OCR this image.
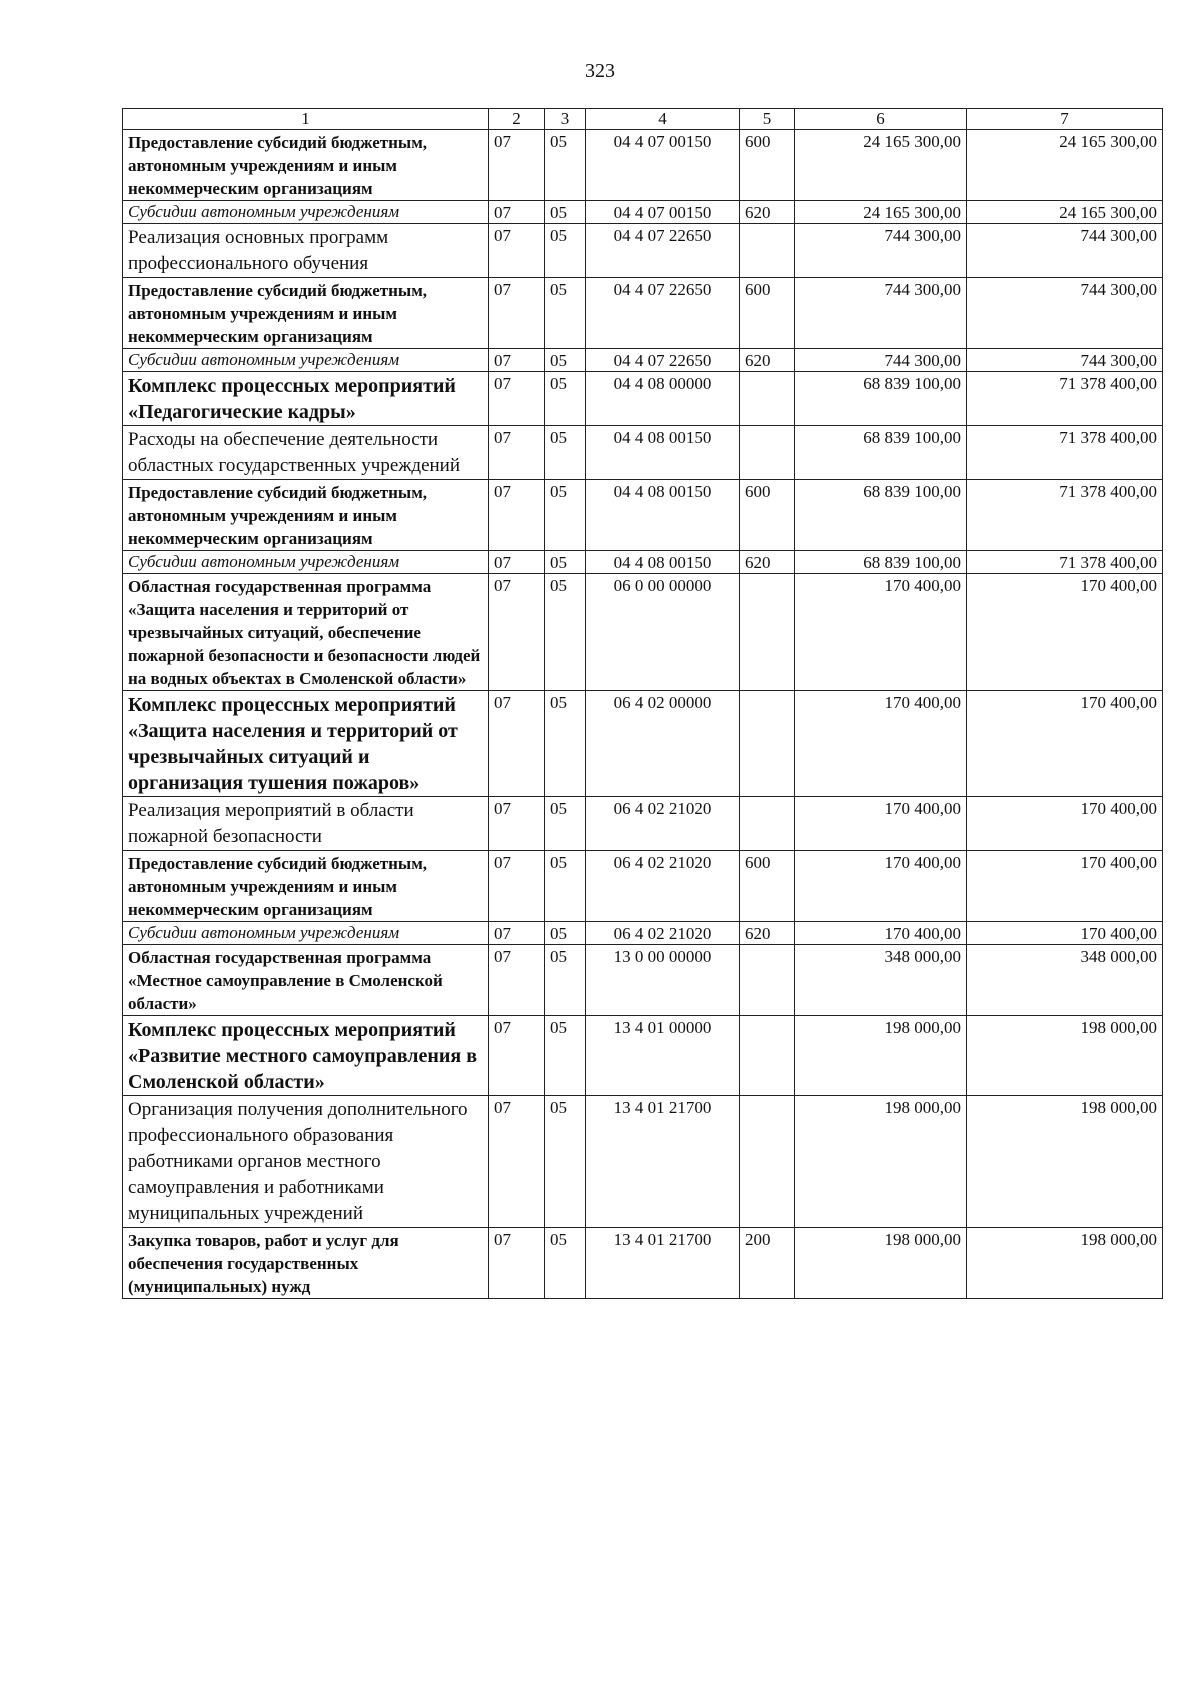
323
1	2	3	4	5	6	7
Предоставление субсидий бюджетным, автономным учреждениям и иным некоммерческим организациям	07	05	04 4 07 00150	600	24 165 300,00	24 165 300,00
Субсидии автономным учреждениям	07	05	04 4 07 00150	620	24 165 300,00	24 165 300,00
Реализация основных программ профессионального обучения	07	05	04 4 07 22650		744 300,00	744 300,00
Предоставление субсидий бюджетным, автономным учреждениям и иным некоммерческим организациям	07	05	04 4 07 22650	600	744 300,00	744 300,00
Субсидии автономным учреждениям	07	05	04 4 07 22650	620	744 300,00	744 300,00
Комплекс процессных мероприятий «Педагогические кадры»	07	05	04 4 08 00000		68 839 100,00	71 378 400,00
Расходы на обеспечение деятельности областных государственных учреждений	07	05	04 4 08 00150		68 839 100,00	71 378 400,00
Предоставление субсидий бюджетным, автономным учреждениям и иным некоммерческим организациям	07	05	04 4 08 00150	600	68 839 100,00	71 378 400,00
Субсидии автономным учреждениям	07	05	04 4 08 00150	620	68 839 100,00	71 378 400,00
Областная государственная программа «Защита населения и территорий от чрезвычайных ситуаций, обеспечение пожарной безопасности и безопасности людей на водных объектах в Смоленской области»	07	05	06 0 00 00000		170 400,00	170 400,00
Комплекс процессных мероприятий «Защита населения и территорий от чрезвычайных ситуаций и организация тушения пожаров»	07	05	06 4 02 00000		170 400,00	170 400,00
Реализация мероприятий в области пожарной безопасности	07	05	06 4 02 21020		170 400,00	170 400,00
Предоставление субсидий бюджетным, автономным учреждениям и иным некоммерческим организациям	07	05	06 4 02 21020	600	170 400,00	170 400,00
Субсидии автономным учреждениям	07	05	06 4 02 21020	620	170 400,00	170 400,00
Областная государственная программа «Местное самоуправление в Смоленской области»	07	05	13 0 00 00000		348 000,00	348 000,00
Комплекс процессных мероприятий «Развитие местного самоуправления в Смоленской области»	07	05	13 4 01 00000		198 000,00	198 000,00
Организация получения дополнительного профессионального образования работниками органов местного самоуправления и работниками муниципальных учреждений	07	05	13 4 01 21700		198 000,00	198 000,00
Закупка товаров, работ и услуг для обеспечения государственных (муниципальных) нужд	07	05	13 4 01 21700	200	198 000,00	198 000,00
